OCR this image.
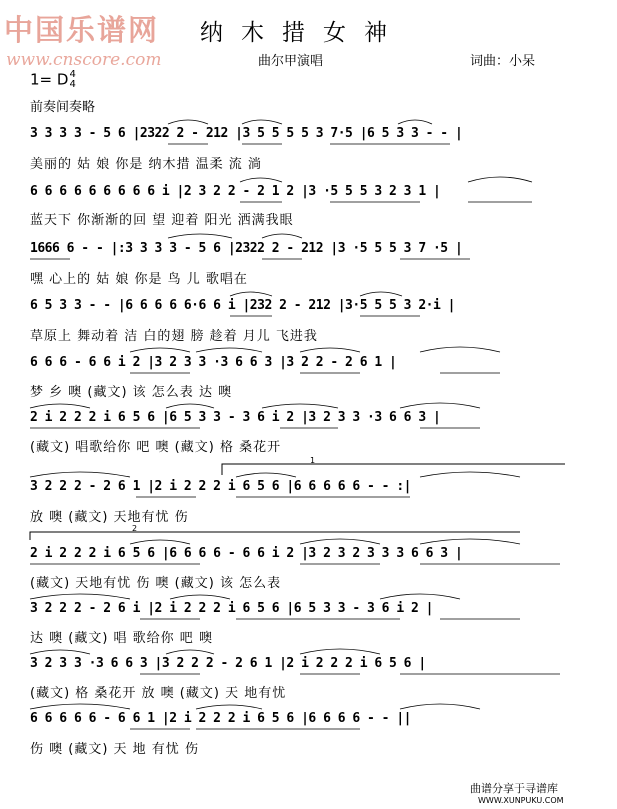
中国乐谱网
www.cnscore.com
纳木措女神
曲尔甲演唱	词曲：小呆
1= D4
4
前奏间奏略
3 3 3 3 - 5 6 |2322 2 - 212 |3 5 5 5 5 3 7·5 |6 5 3 3 - - |
美丽的 姑 娘 你是 纳木措 温柔 流 淌
6 6 6 6 6 6 6 6 6 i |2 3 2 2 - 2 1 2 |3 ·5 5 5 3 2 3 1 |
蓝天下 你渐渐的回 望 迎着 阳光 洒满我眼
1666 6 - - |:3 3 3 3 - 5 6 |2322 2 - 212 |3 ·5 5 5 3 7 ·5 |
嘿 心上的 姑 娘 你是 鸟 儿 歌唱在
6 5 3 3 - - |6 6 6 6 6·6 6 i |232 2 - 212 |3·5 5 5 3 2·i |
草原上 舞动着 洁 白的翅 膀 趁着 月儿 飞进我
6 6 6 - 6 6 i 2 |3 2 3 3 ·3 6 6 3 |3 2 2 - 2 6 1 |
梦 乡 噢 (藏文) 该 怎么表 达 噢
2 i 2 2 2 i 6 5 6 |6 5 3 3 - 3 6 i 2 |3 2 3 3 ·3 6 6 3 |
(藏文) 唱歌给你 吧 噢 (藏文) 格 桑花开
3 2 2 2 - 2 6 1 |2 i 2 2 2 i 6 5 6 |6 6 6 6 6 - - :|
放 噢 (藏文) 天地有忧 伤
2 i 2 2 2 i 6 5 6 |6 6 6 6 - 6 6 i 2 |3 2 3 2 3 3 3 6 6 3 |
(藏文) 天地有忧 伤 噢 (藏文) 该 怎么表
3 2 2 2 - 2 6 i |2 i 2 2 2 i 6 5 6 |6 5 3 3 - 3 6 i 2 |
达 噢 (藏文) 唱 歌给你 吧 噢
3 2 3 3 ·3 6 6 3 |3 2 2 2 - 2 6 1 |2 i 2 2 2 i 6 5 6 |
(藏文) 格 桑花开 放 噢 (藏文) 天 地有忧
6 6 6 6 6 - 6 6 1 |2 i 2 2 2 i 6 5 6 |6 6 6 6 - - ||
伤 噢 (藏文) 天 地 有忧 伤
1
2
曲谱分享于寻谱库
WWW.XUNPUKU.COM
